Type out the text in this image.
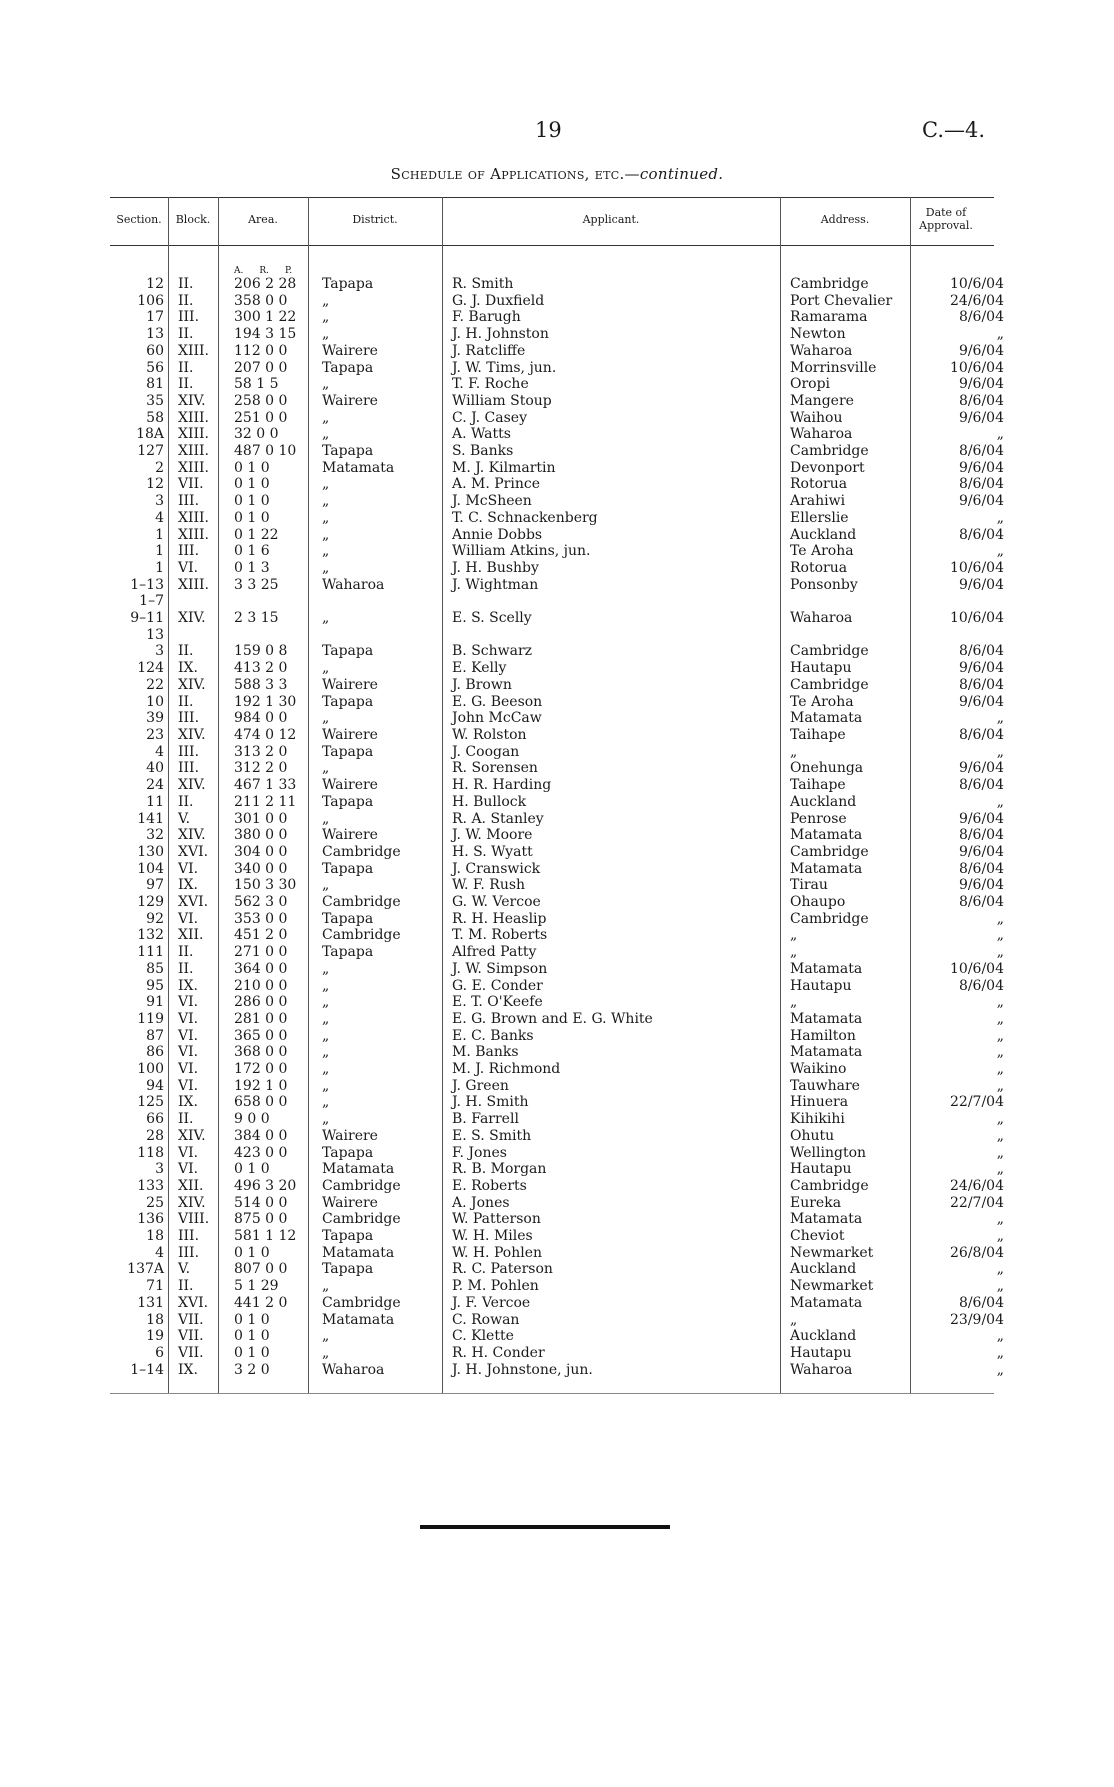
19	C.—4.
Schedule of Applications, etc.—continued.
Section.	Block.	Area.	District.	Applicant.	Address.
Date of Approval.
A. R. P.
12	II.	206 2 28	Tapapa	R. Smith	Cambridge	10/6/04
106	II.	358 0 0	„	G. J. Duxfield	Port Chevalier	24/6/04
17	III.	300 1 22	„	F. Barugh	Ramarama	8/6/04
13	II.	194 3 15	„	J. H. Johnston	Newton	„
60	XIII.	112 0 0	Wairere	J. Ratcliffe	Waharoa	9/6/04
56	II.	207 0 0	Tapapa	J. W. Tims, jun.	Morrinsville	10/6/04
81	II.	58 1 5	„	T. F. Roche	Oropi	9/6/04
35	XIV.	258 0 0	Wairere	William Stoup	Mangere	8/6/04
58	XIII.	251 0 0	„	C. J. Casey	Waihou	9/6/04
18A	XIII.	32 0 0	„	A. Watts	Waharoa	„
127	XIII.	487 0 10	Tapapa	S. Banks	Cambridge	8/6/04
2	XIII.	0 1 0	Matamata	M. J. Kilmartin	Devonport	9/6/04
12	VII.	0 1 0	„	A. M. Prince	Rotorua	8/6/04
3	III.	0 1 0	„	J. McSheen	Arahiwi	9/6/04
4	XIII.	0 1 0	„	T. C. Schnackenberg	Ellerslie	„
1	XIII.	0 1 22	„	Annie Dobbs	Auckland	8/6/04
1	III.	0 1 6	„	William Atkins, jun.	Te Aroha	„
1	VI.	0 1 3	„	J. H. Bushby	Rotorua	10/6/04
1–13	XIII.	3 3 25	Waharoa	J. Wightman	Ponsonby	9/6/04
1–7						
9–11	XIV.	2 3 15	„	E. S. Scelly	Waharoa	10/6/04
13						
3	II.	159 0 8	Tapapa	B. Schwarz	Cambridge	8/6/04
124	IX.	413 2 0	„	E. Kelly	Hautapu	9/6/04
22	XIV.	588 3 3	Wairere	J. Brown	Cambridge	8/6/04
10	II.	192 1 30	Tapapa	E. G. Beeson	Te Aroha	9/6/04
39	III.	984 0 0	„	John McCaw	Matamata	„
23	XIV.	474 0 12	Wairere	W. Rolston	Taihape	8/6/04
4	III.	313 2 0	Tapapa	J. Coogan	„	„
40	III.	312 2 0	„	R. Sorensen	Onehunga	9/6/04
24	XIV.	467 1 33	Wairere	H. R. Harding	Taihape	8/6/04
11	II.	211 2 11	Tapapa	H. Bullock	Auckland	„
141	V.	301 0 0	„	R. A. Stanley	Penrose	9/6/04
32	XIV.	380 0 0	Wairere	J. W. Moore	Matamata	8/6/04
130	XVI.	304 0 0	Cambridge	H. S. Wyatt	Cambridge	9/6/04
104	VI.	340 0 0	Tapapa	J. Cranswick	Matamata	8/6/04
97	IX.	150 3 30	„	W. F. Rush	Tirau	9/6/04
129	XVI.	562 3 0	Cambridge	G. W. Vercoe	Ohaupo	8/6/04
92	VI.	353 0 0	Tapapa	R. H. Heaslip	Cambridge	„
132	XII.	451 2 0	Cambridge	T. M. Roberts	„	„
111	II.	271 0 0	Tapapa	Alfred Patty	„	„
85	II.	364 0 0	„	J. W. Simpson	Matamata	10/6/04
95	IX.	210 0 0	„	G. E. Conder	Hautapu	8/6/04
91	VI.	286 0 0	„	E. T. O'Keefe	„	„
119	VI.	281 0 0	„	E. G. Brown and E. G. White	Matamata	„
87	VI.	365 0 0	„	E. C. Banks	Hamilton	„
86	VI.	368 0 0	„	M. Banks	Matamata	„
100	VI.	172 0 0	„	M. J. Richmond	Waikino	„
94	VI.	192 1 0	„	J. Green	Tauwhare	„
125	IX.	658 0 0	„	J. H. Smith	Hinuera	22/7/04
66	II.	9 0 0	„	B. Farrell	Kihikihi	„
28	XIV.	384 0 0	Wairere	E. S. Smith	Ohutu	„
118	VI.	423 0 0	Tapapa	F. Jones	Wellington	„
3	VI.	0 1 0	Matamata	R. B. Morgan	Hautapu	„
133	XII.	496 3 20	Cambridge	E. Roberts	Cambridge	24/6/04
25	XIV.	514 0 0	Wairere	A. Jones	Eureka	22/7/04
136	VIII.	875 0 0	Cambridge	W. Patterson	Matamata	„
18	III.	581 1 12	Tapapa	W. H. Miles	Cheviot	„
4	III.	0 1 0	Matamata	W. H. Pohlen	Newmarket	26/8/04
137A	V.	807 0 0	Tapapa	R. C. Paterson	Auckland	„
71	II.	5 1 29	„	P. M. Pohlen	Newmarket	„
131	XVI.	441 2 0	Cambridge	J. F. Vercoe	Matamata	8/6/04
18	VII.	0 1 0	Matamata	C. Rowan	„	23/9/04
19	VII.	0 1 0	„	C. Klette	Auckland	„
6	VII.	0 1 0	„	R. H. Conder	Hautapu	„
1–14	IX.	3 2 0	Waharoa	J. H. Johnstone, jun.	Waharoa	„
